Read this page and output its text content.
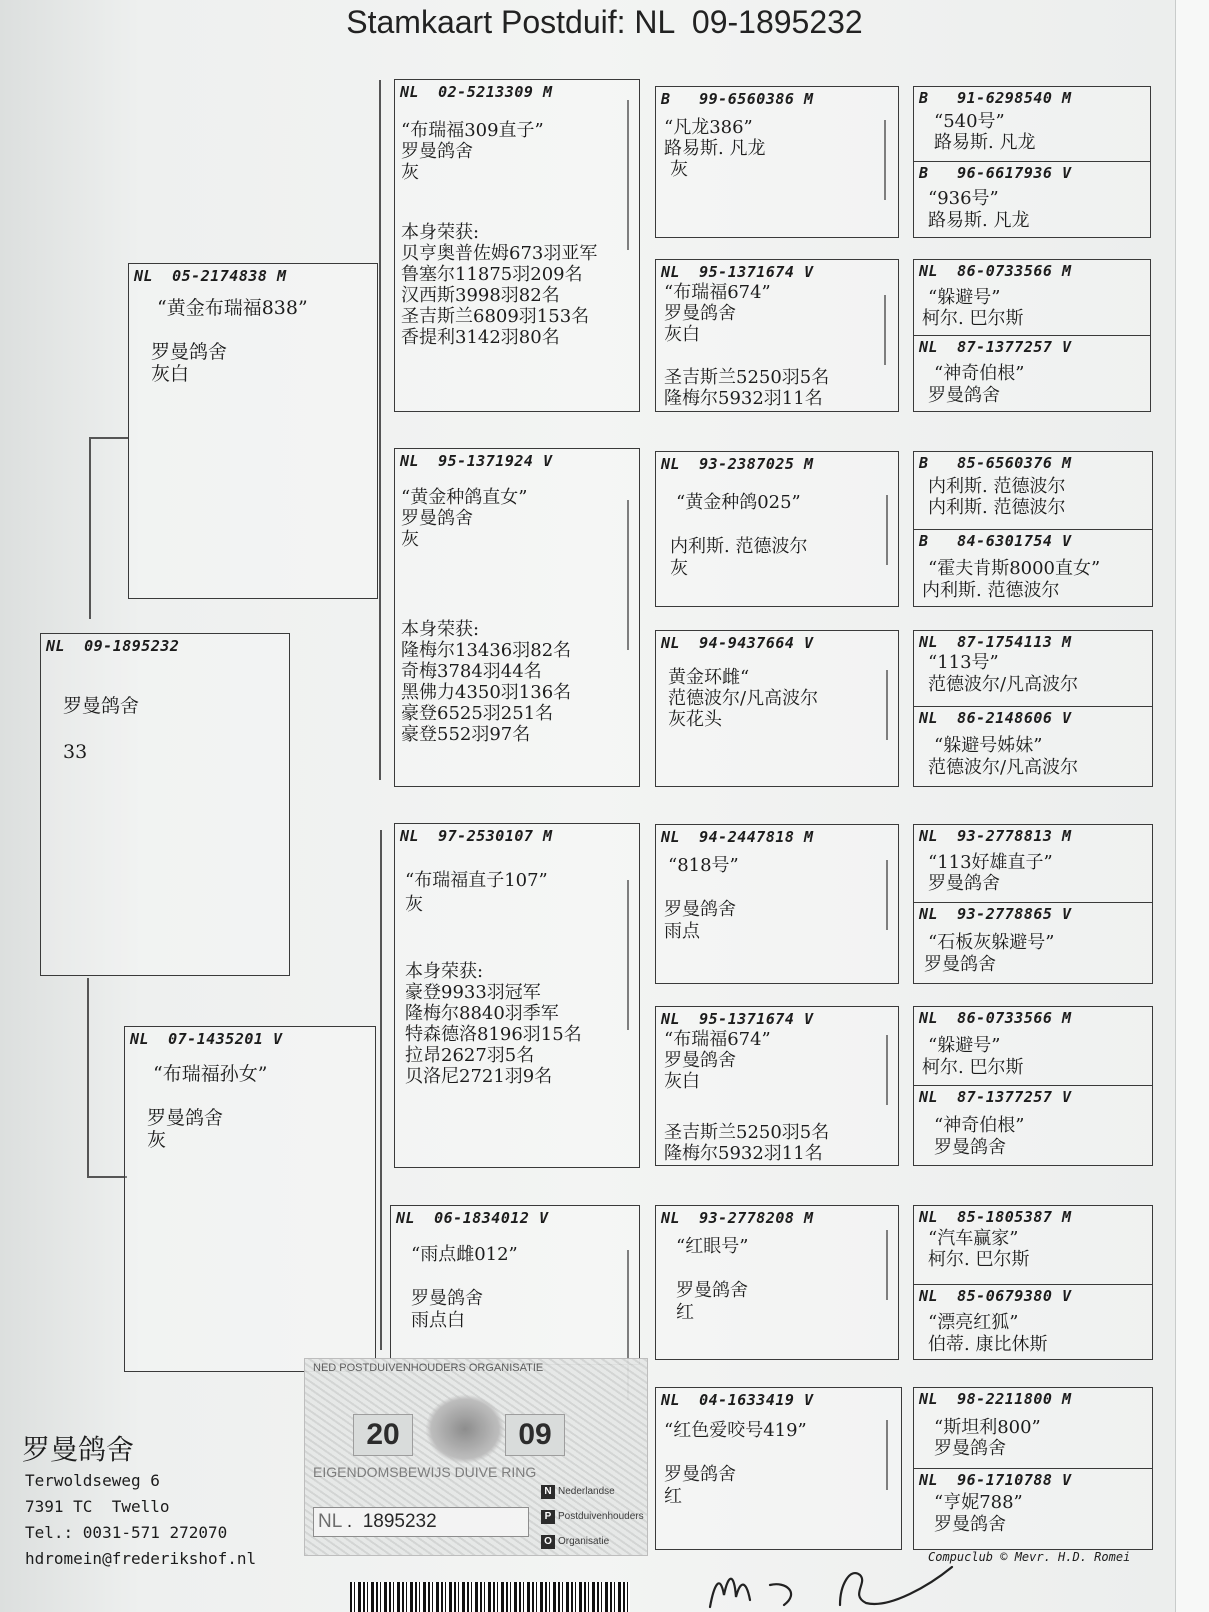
Stamkaart Postduif: NL  09-1895232
NL  09-1895232
罗曼鸽舍
33
NL  05-2174838 M
“黄金布瑞福838”
罗曼鸽舍
灰白
NL  07-1435201 V
“布瑞福孙女”
罗曼鸽舍
灰
NL  02-5213309 M
“布瑞福309直子”
罗曼鸽舍
灰
本身荣获:
贝亨奥普佐姆673羽亚军
鲁塞尔11875羽209名
汉西斯3998羽82名
圣吉斯兰6809羽153名
香提利3142羽80名
NL  95-1371924 V
“黄金种鸽直女”
罗曼鸽舍
灰
本身荣获:
隆梅尔13436羽82名
奇梅3784羽44名
黑佛力4350羽136名
豪登6525羽251名
豪登552羽97名
NL  97-2530107 M
“布瑞福直子107”
灰
本身荣获:
豪登9933羽冠军
隆梅尔8840羽季军
特森德洛8196羽15名
拉昂2627羽5名
贝洛尼2721羽9名
NL  06-1834012 V
“雨点雌012”
罗曼鸽舍
雨点白
B   99-6560386 M
“凡龙386”
路易斯. 凡龙
灰
NL  95-1371674 V
“布瑞福674”
罗曼鸽舍
灰白
圣吉斯兰5250羽5名
隆梅尔5932羽11名
NL  93-2387025 M
“黄金种鸽025”
内利斯. 范德波尔
灰
NL  94-9437664 V
黄金环雌“
范德波尔/凡高波尔
灰花头
NL  94-2447818 M
“818号”
罗曼鸽舍
雨点
NL  95-1371674 V
“布瑞福674”
罗曼鸽舍
灰白
圣吉斯兰5250羽5名
隆梅尔5932羽11名
NL  93-2778208 M
“红眼号”
罗曼鸽舍
红
NL  04-1633419 V
“红色爱咬号419”
罗曼鸽舍
红
B   91-6298540 M
“540号”
路易斯. 凡龙
B   96-6617936 V
“936号”
路易斯. 凡龙
NL  86-0733566 M
“躲避号”
柯尔. 巴尔斯
NL  87-1377257 V
“神奇伯根”
罗曼鸽舍
B   85-6560376 M
内利斯. 范德波尔
内利斯. 范德波尔
B   84-6301754 V
“霍夫肯斯8000直女”
内利斯. 范德波尔
NL  87-1754113 M
“113号”
范德波尔/凡高波尔
NL  86-2148606 V
“躲避号姊妹”
范德波尔/凡高波尔
NL  93-2778813 M
“113好雄直子”
罗曼鸽舍
NL  93-2778865 V
“石板灰躲避号”
罗曼鸽舍
NL  86-0733566 M
“躲避号”
柯尔. 巴尔斯
NL  87-1377257 V
“神奇伯根”
罗曼鸽舍
NL  85-1805387 M
“汽车赢家”
柯尔. 巴尔斯
NL  85-0679380 V
“漂亮红狐”
伯蒂. 康比休斯
NL  98-2211800 M
“斯坦利800”
罗曼鸽舍
NL  96-1710788 V
“亨妮788”
罗曼鸽舍
罗曼鸽舍
Terwoldseweg 6
7391 TC  Twello
Tel.: 0031-571 272070
hdromein@frederikshof.nl
NED POSTDUIVENHOUDERS ORGANISATIE
20	09
EIGENDOMSBEWIJS DUIVE RING
NL .  1895232
N Nederlandse
P Postduivenhouders
O Organisatie
Compuclub © Mevr. H.D. Romei
